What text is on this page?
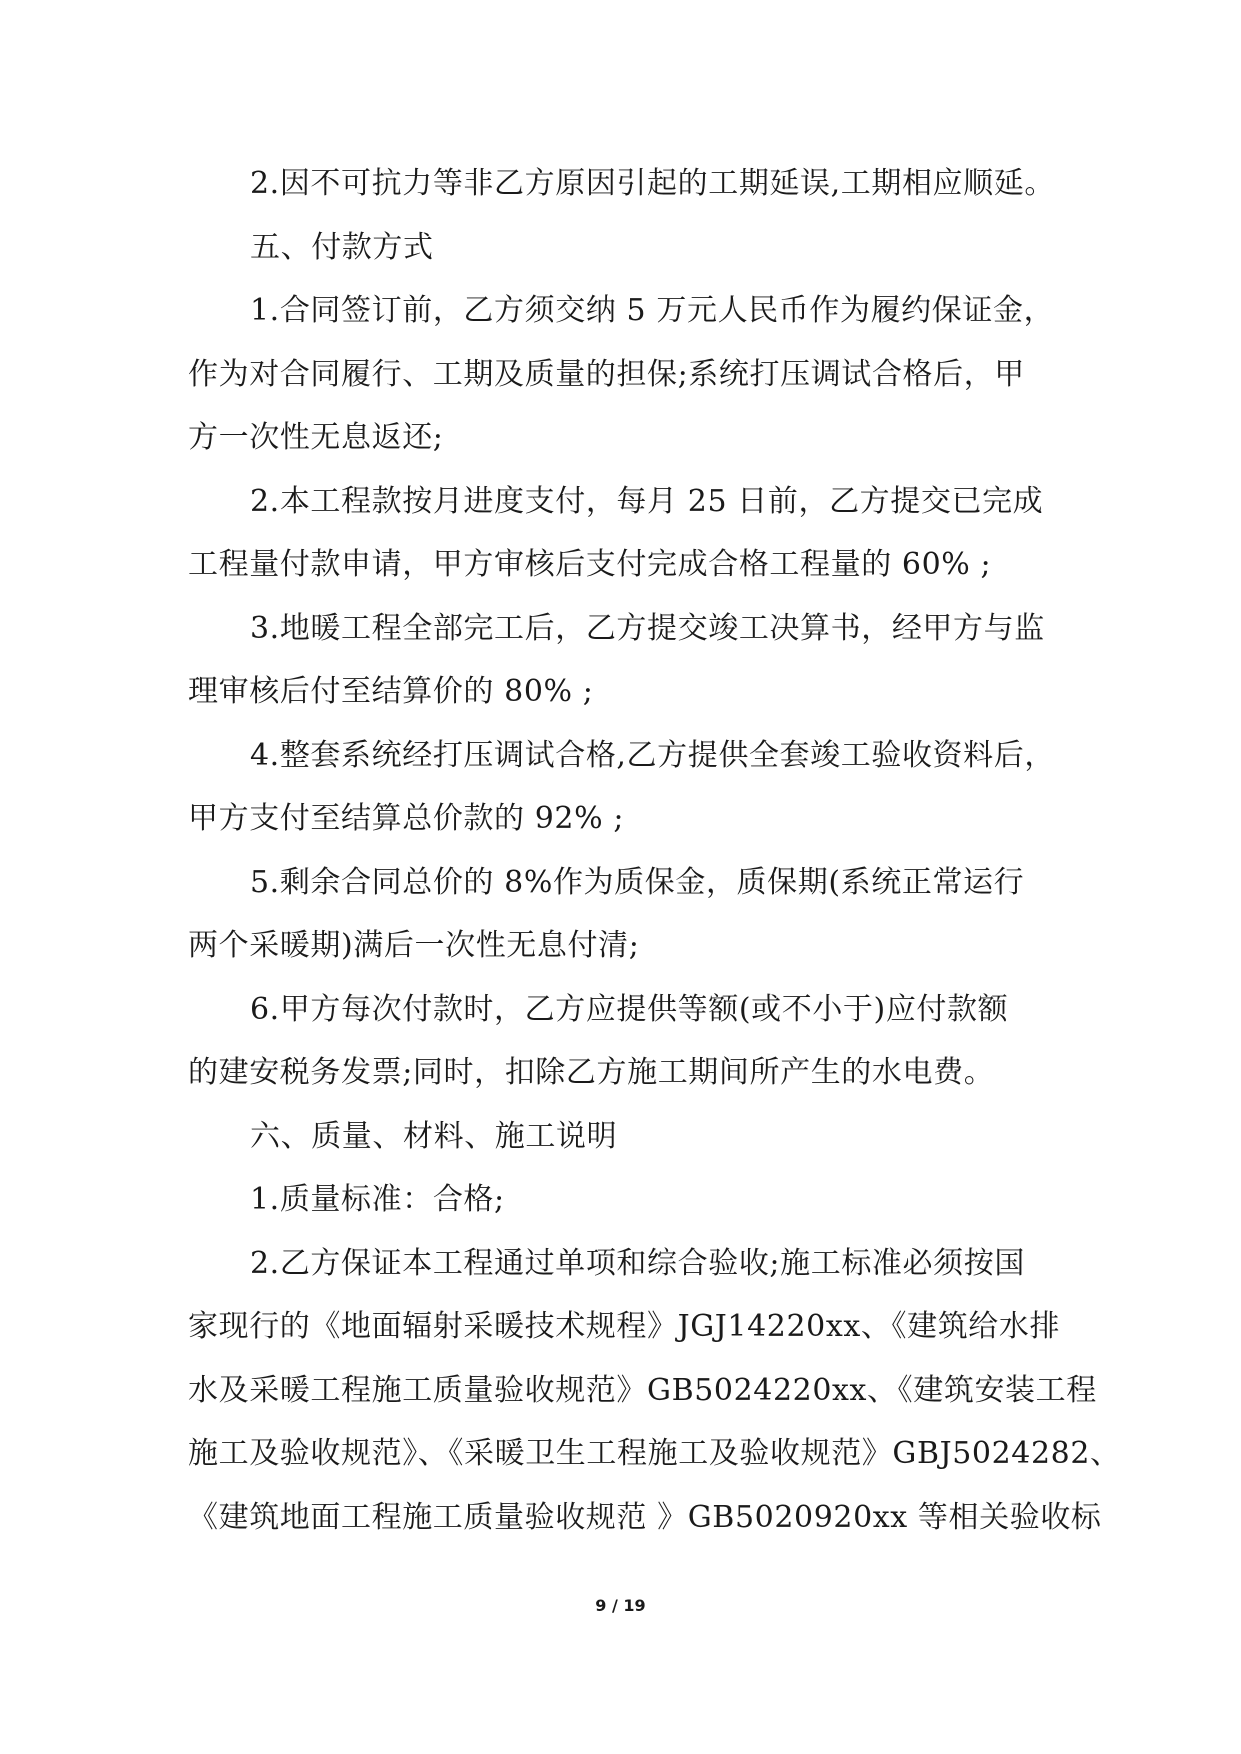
2.因不可抗力等非乙方原因引起的工期延误,工期相应顺延。
五、付款方式
1.合同签订前，乙方须交纳 5 万元人民币作为履约保证金，
作为对合同履行、工期及质量的担保;系统打压调试合格后，甲
方一次性无息返还;
2.本工程款按月进度支付，每月 25 日前，乙方提交已完成
工程量付款申请，甲方审核后支付完成合格工程量的 60% ;
3.地暖工程全部完工后，乙方提交竣工决算书，经甲方与监
理审核后付至结算价的 80% ;
4.整套系统经打压调试合格,乙方提供全套竣工验收资料后，
甲方支付至结算总价款的 92% ;
5.剩余合同总价的 8%作为质保金，质保期(系统正常运行
两个采暖期)满后一次性无息付清;
6.甲方每次付款时，乙方应提供等额(或不小于)应付款额
的建安税务发票;同时，扣除乙方施工期间所产生的水电费。
六、质量、材料、施工说明
1.质量标准：合格;
2.乙方保证本工程通过单项和综合验收;施工标准必须按国
家现行的《地面辐射采暖技术规程》JGJ14220xx、《建筑给水排
水及采暖工程施工质量验收规范》GB5024220xx、《建筑安装工程
施工及验收规范》、《采暖卫生工程施工及验收规范》GBJ5024282、
《建筑地面工程施工质量验收规范 》GB5020920xx 等相关验收标
9 / 19
